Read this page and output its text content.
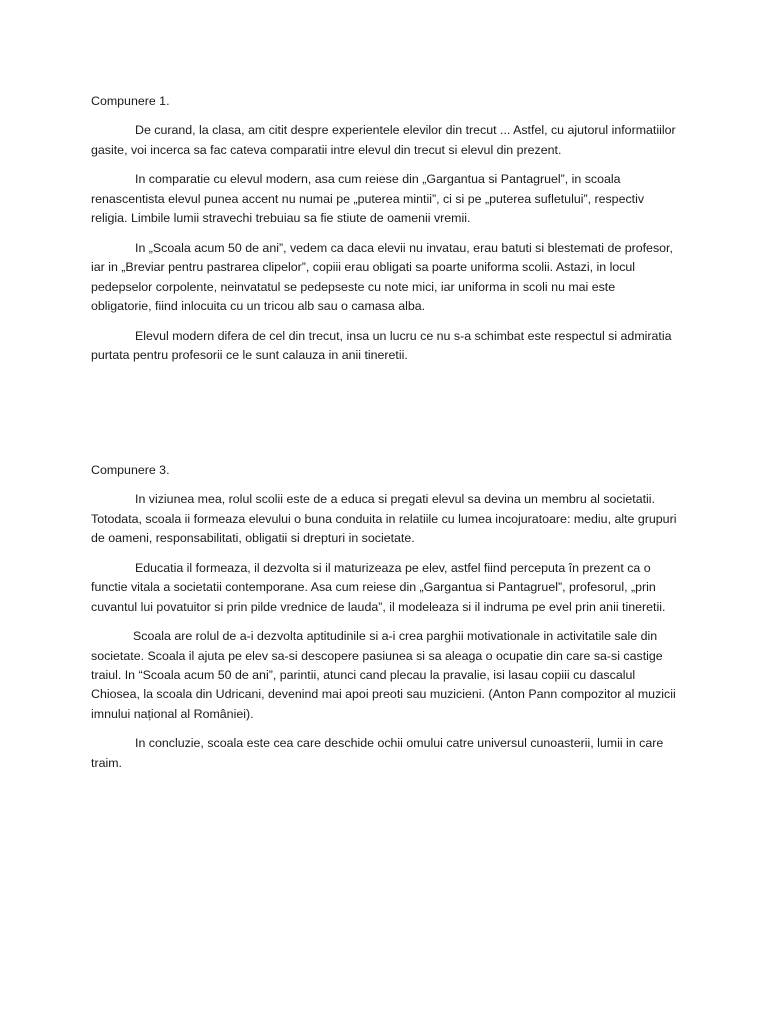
Compunere 1.

De curand, la clasa, am citit despre experientele elevilor din trecut ... Astfel, cu ajutorul informatiilor gasite, voi incerca sa fac cateva comparatii intre elevul din trecut si elevul din prezent.

In comparatie cu elevul modern, asa cum reiese din „Gargantua si Pantagruel”, in scoala renascentista elevul punea accent nu numai pe „puterea mintii”, ci si pe „puterea sufletului”, respectiv religia. Limbile lumii stravechi trebuiau sa fie stiute de oamenii vremii.

In „Scoala acum 50 de ani”, vedem ca daca elevii nu invatau, erau batuti si blestemati de profesor, iar in „Breviar pentru pastrarea clipelor”, copiii erau obligati sa poarte uniforma scolii. Astazi, in locul pedepselor corpolente, neinvatatul se pedepseste cu note mici, iar uniforma in scoli nu mai este obligatorie, fiind inlocuita cu un tricou alb sau o camasa alba.

Elevul modern difera de cel din trecut, insa un lucru ce nu s-a schimbat este respectul si admiratia purtata pentru profesorii ce le sunt calauza in anii tineretii.

Compunere 3.

In viziunea mea, rolul scolii este de a educa si pregati elevul sa devina un membru al societatii. Totodata, scoala ii formeaza elevului o buna conduita in relatiile cu lumea incojuratoare: mediu, alte grupuri de oameni, responsabilitati, obligatii si drepturi in societate.

Educatia il formeaza, il dezvolta si il maturizeaza pe elev, astfel fiind perceputa în prezent ca o functie vitala a societatii contemporane. Asa cum reiese din „Gargantua si Pantagruel”, profesorul, „prin cuvantul lui povatuitor si prin pilde vrednice de lauda”, il modeleaza si il indruma pe evel prin anii tineretii.

Scoala are rolul de a-i dezvolta aptitudinile si a-i crea parghii motivationale in activitatile sale din societate. Scoala il ajuta pe elev sa-si descopere pasiunea si sa aleaga o ocupatie din care sa-si castige traiul. In “Scoala acum 50 de ani”, parintii, atunci cand plecau la pravalie, isi lasau copiii cu dascalul Chiosea, la scoala din Udricani, devenind mai apoi preoti sau muzicieni. (Anton Pann compozitor al muzicii imnului național al României).

In concluzie, scoala este cea care deschide ochii omului catre universul cunoasterii, lumii in care traim.
